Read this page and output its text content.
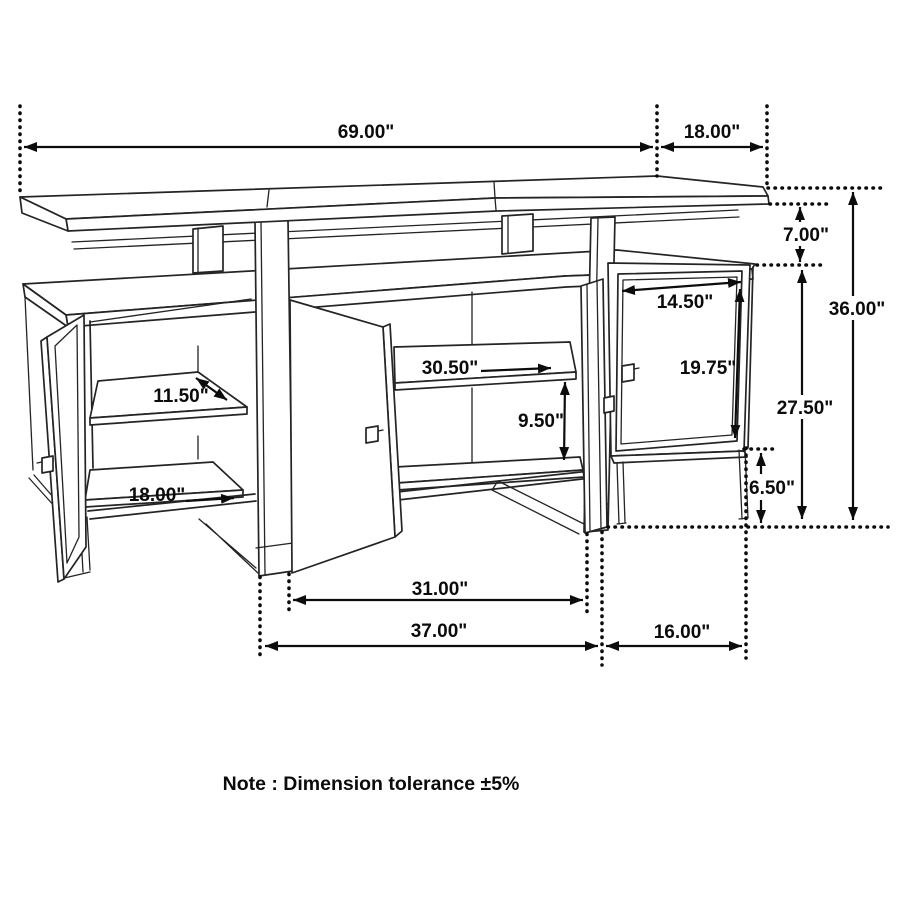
69.00"	18.00"
7.00"
36.00"
27.50"
14.50"
19.75"
30.50"
9.50"
11.50"
18.00"	6.50"
31.00"
37.00"	16.00"
Note : Dimension tolerance ±5%
